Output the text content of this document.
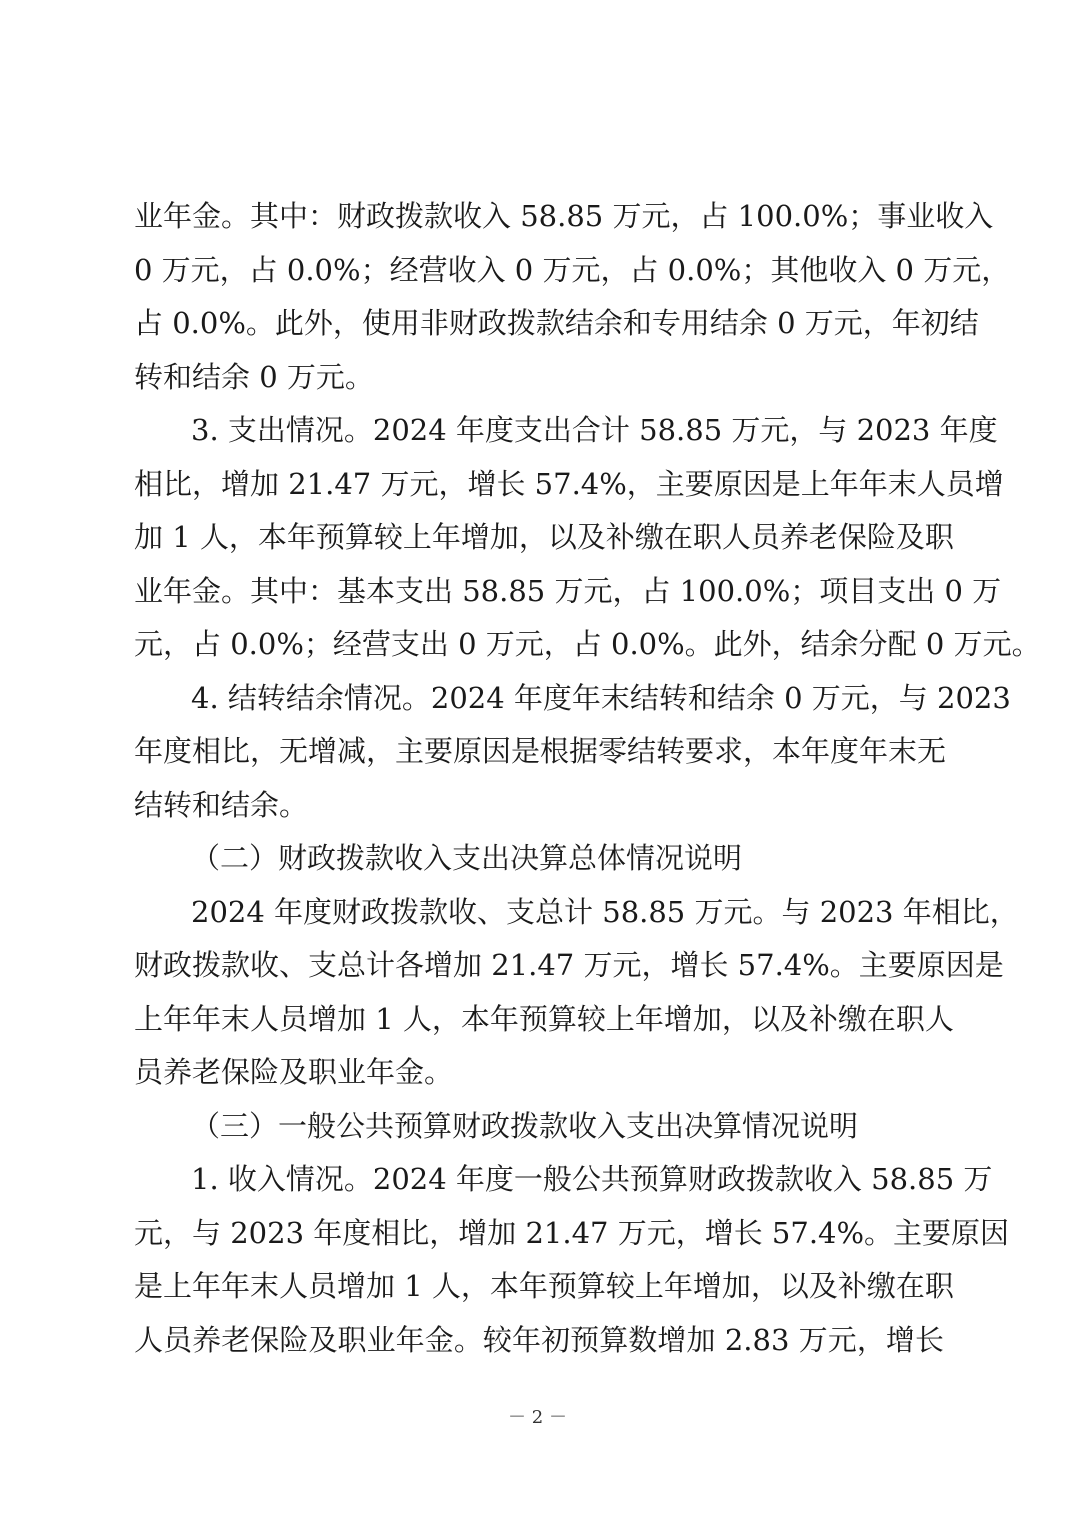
业年金。其中：财政拨款收入 58.85 万元，占 100.0%；事业收入
0 万元，占 0.0%；经营收入 0 万元，占 0.0%；其他收入 0 万元，
占 0.0%。此外，使用非财政拨款结余和专用结余 0 万元，年初结
转和结余 0 万元。
3. 支出情况。2024 年度支出合计 58.85 万元，与 2023 年度
相比，增加 21.47 万元，增长 57.4%，主要原因是上年年末人员增
加 1 人，本年预算较上年增加，以及补缴在职人员养老保险及职
业年金。其中：基本支出 58.85 万元，占 100.0%；项目支出 0 万
元，占 0.0%；经营支出 0 万元，占 0.0%。此外，结余分配 0 万元。
4. 结转结余情况。2024 年度年末结转和结余 0 万元，与 2023
年度相比，无增减，主要原因是根据零结转要求，本年度年末无
结转和结余。
（二）财政拨款收入支出决算总体情况说明
2024 年度财政拨款收、支总计 58.85 万元。与 2023 年相比，
财政拨款收、支总计各增加 21.47 万元，增长 57.4%。主要原因是
上年年末人员增加 1 人，本年预算较上年增加，以及补缴在职人
员养老保险及职业年金。
（三）一般公共预算财政拨款收入支出决算情况说明
1. 收入情况。2024 年度一般公共预算财政拨款收入 58.85 万
元，与 2023 年度相比，增加 21.47 万元，增长 57.4%。主要原因
是上年年末人员增加 1 人，本年预算较上年增加，以及补缴在职
人员养老保险及职业年金。较年初预算数增加 2.83 万元，增长
－ 2 －
